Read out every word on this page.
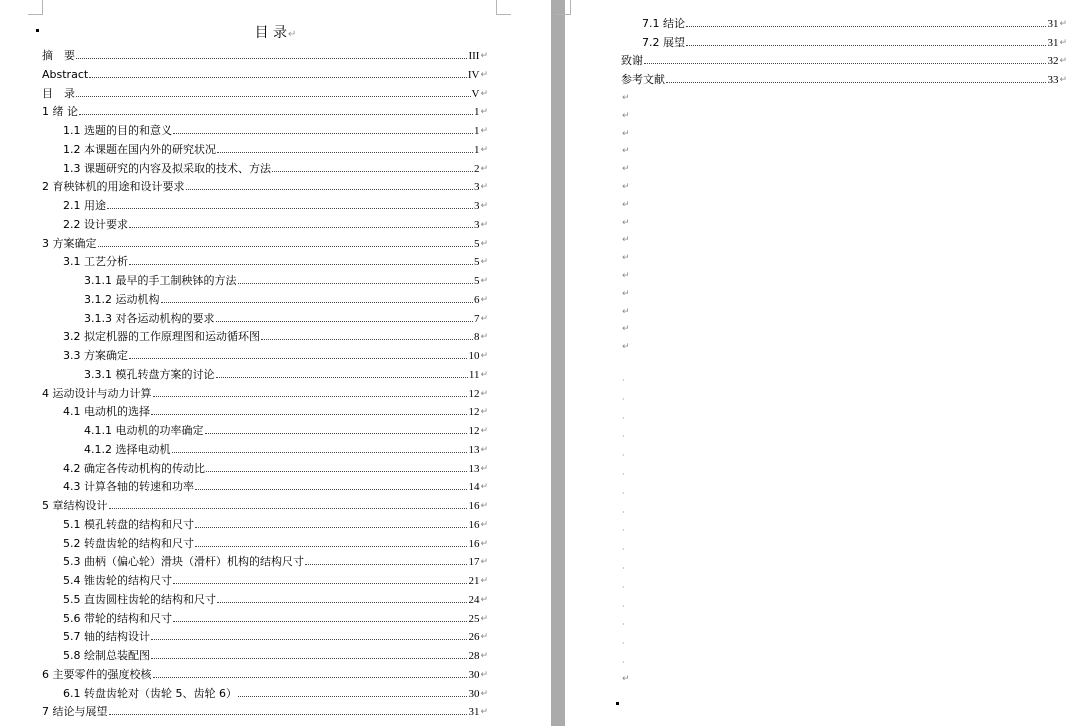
目 录↵
摘　要	III ↵
Abstract	IV ↵
目　录	V ↵
1 绪 论	1 ↵
1.1 选题的目的和意义	1 ↵
1.2 本课题在国内外的研究状况	1 ↵
1.3 课题研究的内容及拟采取的技术、方法	2 ↵
2 育秧钵机的用途和设计要求	3 ↵
2.1 用途	3 ↵
2.2 设计要求	3 ↵
3 方案确定	5 ↵
3.1 工艺分析	5 ↵
3.1.1 最早的手工制秧钵的方法	5 ↵
3.1.2 运动机构	6 ↵
3.1.3 对各运动机构的要求	7 ↵
3.2 拟定机器的工作原理图和运动循环图	8 ↵
3.3 方案确定	10 ↵
3.3.1 模孔转盘方案的讨论	11 ↵
4 运动设计与动力计算	12 ↵
4.1 电动机的选择	12 ↵
4.1.1 电动机的功率确定	12 ↵
4.1.2 选择电动机	13 ↵
4.2 确定各传动机构的传动比	13 ↵
4.3 计算各轴的转速和功率	14 ↵
5 章结构设计	16 ↵
5.1 模孔转盘的结构和尺寸	16 ↵
5.2 转盘齿轮的结构和尺寸	16 ↵
5.3 曲柄（偏心轮）滑块（滑杆）机构的结构尺寸	17 ↵
5.4 锥齿轮的结构尺寸	21 ↵
5.5 直齿圆柱齿轮的结构和尺寸	24 ↵
5.6 带轮的结构和尺寸	25 ↵
5.7 轴的结构设计	26 ↵
5.8 绘制总装配图	28 ↵
6 主要零件的强度校核	30 ↵
6.1 转盘齿轮对（齿轮 5、齿轮 6）	30 ↵
7 结论与展望	31 ↵
7.1 结论	31 ↵
7.2 展望	31 ↵
致谢	32 ↵
参考文献	33 ↵
↵
↵
↵
↵
↵
↵
↵
↵
↵
↵
↵
↵
↵
↵
↵
·
·
·
·
·
·
·
·
·
·
·
·
·
·
·
·
↵
